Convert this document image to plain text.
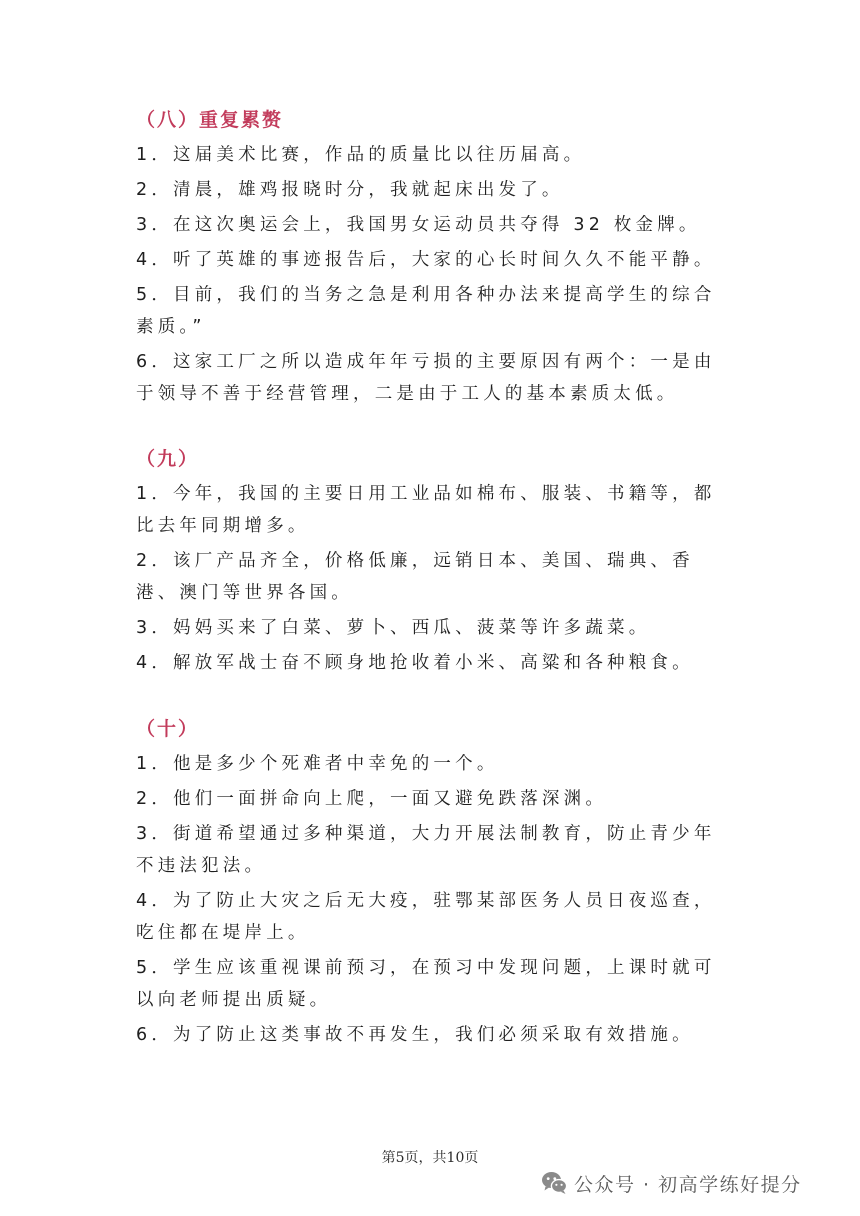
（八）重复累赘
1．这届美术比赛，作品的质量比以往历届高。
2．清晨，雄鸡报晓时分，我就起床出发了。
3．在这次奥运会上，我国男女运动员共夺得 32 枚金牌。
4．听了英雄的事迹报告后，大家的心长时间久久不能平静。
5．目前，我们的当务之急是利用各种办法来提高学生的综合素质。”
6．这家工厂之所以造成年年亏损的主要原因有两个：一是由于领导不善于经营管理，二是由于工人的基本素质太低。
（九）
1．今年，我国的主要日用工业品如棉布、服装、书籍等，都比去年同期增多。
2．该厂产品齐全，价格低廉，远销日本、美国、瑞典、香港、澳门等世界各国。
3．妈妈买来了白菜、萝卜、西瓜、菠菜等许多蔬菜。
4．解放军战士奋不顾身地抢收着小米、高粱和各种粮食。
（十）
1．他是多少个死难者中幸免的一个。
2．他们一面拼命向上爬，一面又避免跌落深渊。
3．街道希望通过多种渠道，大力开展法制教育，防止青少年不违法犯法。
4．为了防止大灾之后无大疫，驻鄂某部医务人员日夜巡查，吃住都在堤岸上。
5．学生应该重视课前预习，在预习中发现问题，上课时就可以向老师提出质疑。
6．为了防止这类事故不再发生，我们必须采取有效措施。
第5页，共10页
公众号 · 初高学练好提分
